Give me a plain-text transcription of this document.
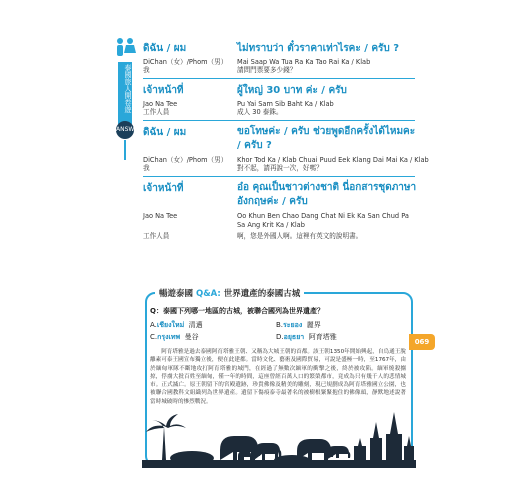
泰國旅人開卷遊
ANSWER
ดิฉัน / ผม	ไม่ทราบว่า ตั๋วราคาเท่าไรคะ / ครับ ?
DiChan（女）/Phom（男）
我
Mai Saap Wa Tua Ra Ka Tao Rai Ka / Klab
請問門票要多少錢？
เจ้าหน้าที่	ผู้ใหญ่ 30 บาท ค่ะ / ครับ
Jao Na Tee
工作人員
Pu Yai Sam Sib Baht Ka / Klab
成人 30 泰銖。
ดิฉัน / ผม	ขอโทษค่ะ / ครับ ช่วยพูดอีกครั้งได้ไหมคะ / ครับ ?
DiChan（女）/Phom（男）
我
Khor Tod Ka / Klab Chuai Puud Eek Klang Dai Mai Ka / Klab
對不起，請再說一次，好嗎？
เจ้าหน้าที่	อ๋อ คุณเป็นชาวต่างชาติ นี่อกสารชุดภาษาอังกฤษค่ะ / ครับ
Jao Na Tee
工作人員
Oo Khun Ben Chao Dang Chat Ni Ek Ka San Chud Pa Sa Ang Krit Ka / Klab
啊，您是外國人啊。這裡有英文的說明書。
暢遊泰國 Q&A: 世界遺產的泰國古城
Q：泰國下列哪一地區的古城，被聯合國列為世界遺產？
A.เชียงใหม่ 清邁	B.ระยอง 麗界
C.กรุงเทพ 曼谷	D.อยุธยา 阿育塔雅
阿育塔雅是過去泰國阿育塔雅王朝、又稱為大城王朝的首都。該王朝1350年開始興起，自烏通王脫離素可泰王國宣布獨立後，便在此建都。當時文化、藝術及國際貿易，可說是盛極一時，至1767年，由於緬甸軍隊不斷地攻打阿育塔雅的城門，在經過了無數次緬軍的衝擊之後，終於被攻陷。緬軍燒殺擄掠，俘虜大批百姓至緬甸，僅一年的時間，這座曾經百萬人口的繁榮都市，竟成為只有幾千人的悲情城市。正式滅亡。原王朝留下的宮殿遺跡，珍貴佛像及精美的雕刻，現已規劃成為阿育塔雅國立公園，也被聯合國教科文組織列為世界遺產。遺留下傷痕泰寺最著名的被樹根緊緊抱住的佛像頭，靜默地述說著當時城破時的慘烈戰況。
069
